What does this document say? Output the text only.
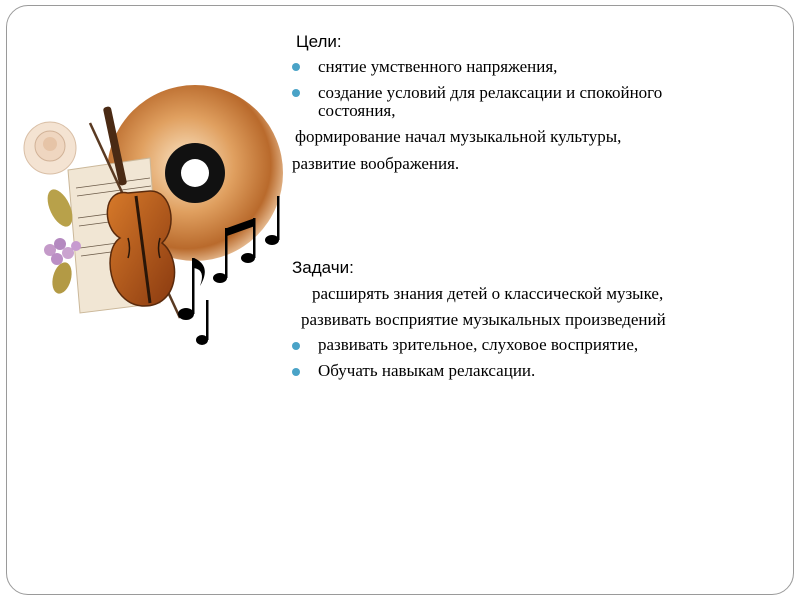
Цели:
снятие умственного напряжения,
создание условий для релаксации и спокойного
состояния,
формирование начал музыкальной культуры,
развитие воображения.
Задачи:
расширять знания детей о классической музыке,
развивать восприятие музыкальных произведений
развивать зрительное, слуховое восприятие,
Обучать навыкам релаксации.
